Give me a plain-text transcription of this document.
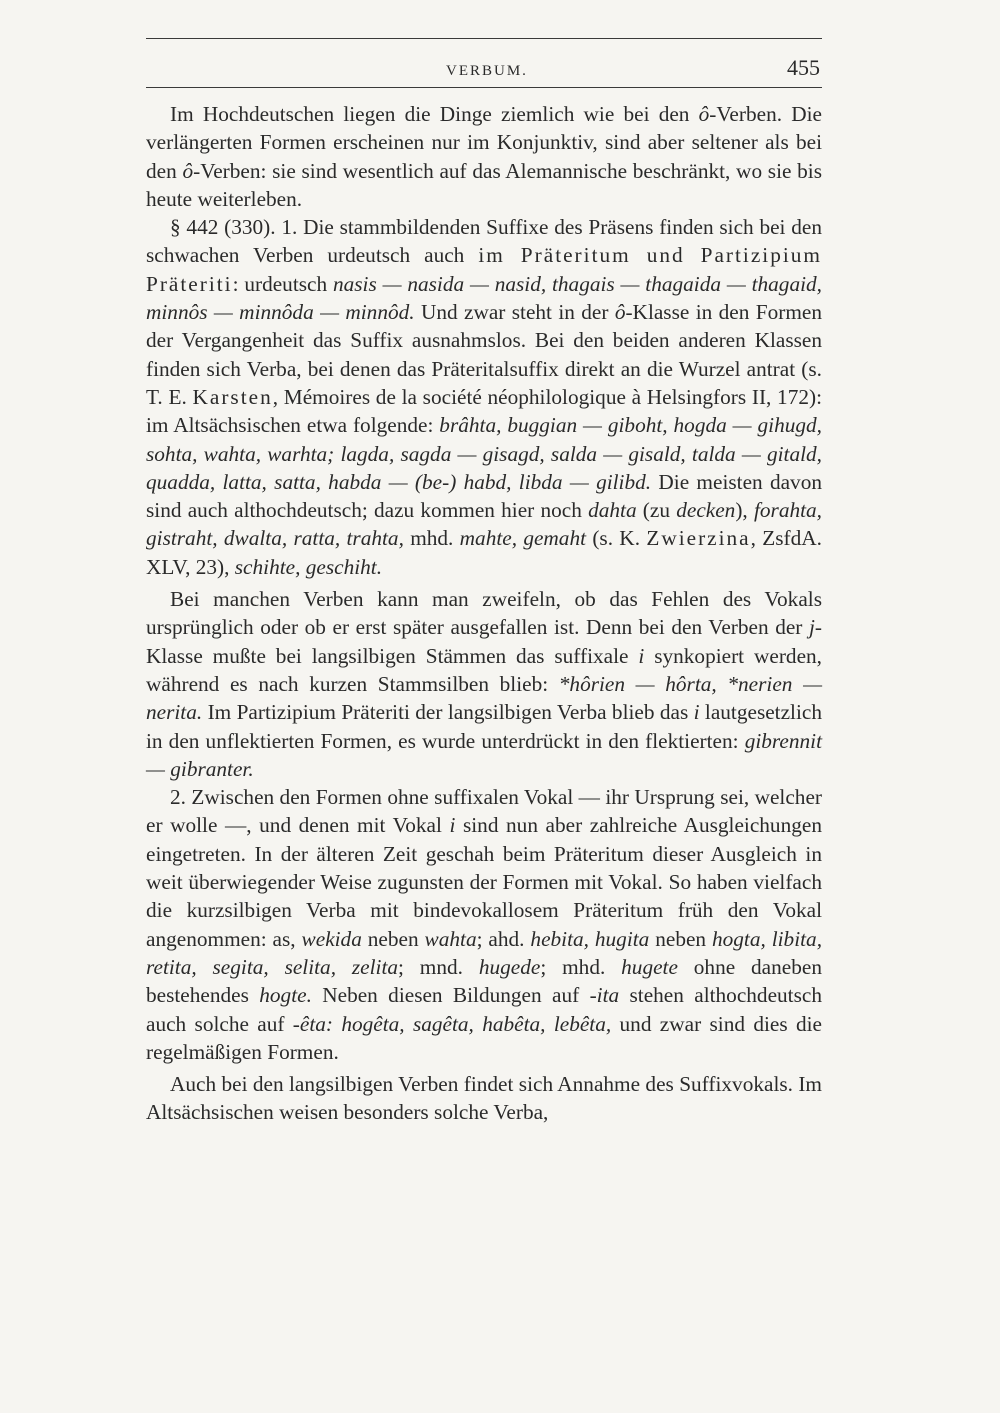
VERBUM.	455

Im Hochdeutschen liegen die Dinge ziemlich wie bei den ô-Verben. Die verlängerten Formen erscheinen nur im Konjunktiv, sind aber seltener als bei den ô-Verben: sie sind wesentlich auf das Alemannische beschränkt, wo sie bis heute weiterleben.

§ 442 (330). 1. Die stammbildenden Suffixe des Präsens finden sich bei den schwachen Verben urdeutsch auch im Präteritum und Partizipium Präteriti: urdeutsch nasis — nasida — nasid, thagais — thagaida — thagaid, minnôs — minnôda — minnôd. Und zwar steht in der ô-Klasse in den Formen der Vergangenheit das Suffix ausnahmslos. Bei den beiden anderen Klassen finden sich Verba, bei denen das Präteritalsuffix direkt an die Wurzel antrat (s. T. E. Karsten, Mémoires de la société néophilologique à Helsingfors II, 172): im Altsächsischen etwa folgende: brâhta, buggian — giboht, hogda — gihugd, sohta, wahta, warhta; lagda, sagda — gisagd, salda — gisald, talda — gitald, quadda, latta, satta, habda — (be-) habd, libda — gilibd. Die meisten davon sind auch althochdeutsch; dazu kommen hier noch dahta (zu decken), forahta, gistraht, dwalta, ratta, trahta, mhd. mahte, gemaht (s. K. Zwierzina, ZsfdA. XLV, 23), schihte, geschiht.

Bei manchen Verben kann man zweifeln, ob das Fehlen des Vokals ursprünglich oder ob er erst später ausgefallen ist. Denn bei den Verben der j-Klasse mußte bei langsilbigen Stämmen das suffixale i synkopiert werden, während es nach kurzen Stammsilben blieb: *hôrien — hôrta, *nerien — nerita. Im Partizipium Präteriti der langsilbigen Verba blieb das i lautgesetzlich in den unflektierten Formen, es wurde unterdrückt in den flektierten: gibrennit — gibranter.

2. Zwischen den Formen ohne suffixalen Vokal — ihr Ursprung sei, welcher er wolle —, und denen mit Vokal i sind nun aber zahlreiche Ausgleichungen eingetreten. In der älteren Zeit geschah beim Präteritum dieser Ausgleich in weit überwiegender Weise zugunsten der Formen mit Vokal. So haben vielfach die kurzsilbigen Verba mit bindevokallosem Präteritum früh den Vokal angenommen: as, wekida neben wahta; ahd. hebita, hugita neben hogta, libita, retita, segita, selita, zelita; mnd. hugede; mhd. hugete ohne daneben bestehendes hogte. Neben diesen Bildungen auf -ita stehen althochdeutsch auch solche auf -êta: hogêta, sagêta, habêta, lebêta, und zwar sind dies die regelmäßigen Formen.

Auch bei den langsilbigen Verben findet sich Annahme des Suffixvokals. Im Altsächsischen weisen besonders solche Verba,
